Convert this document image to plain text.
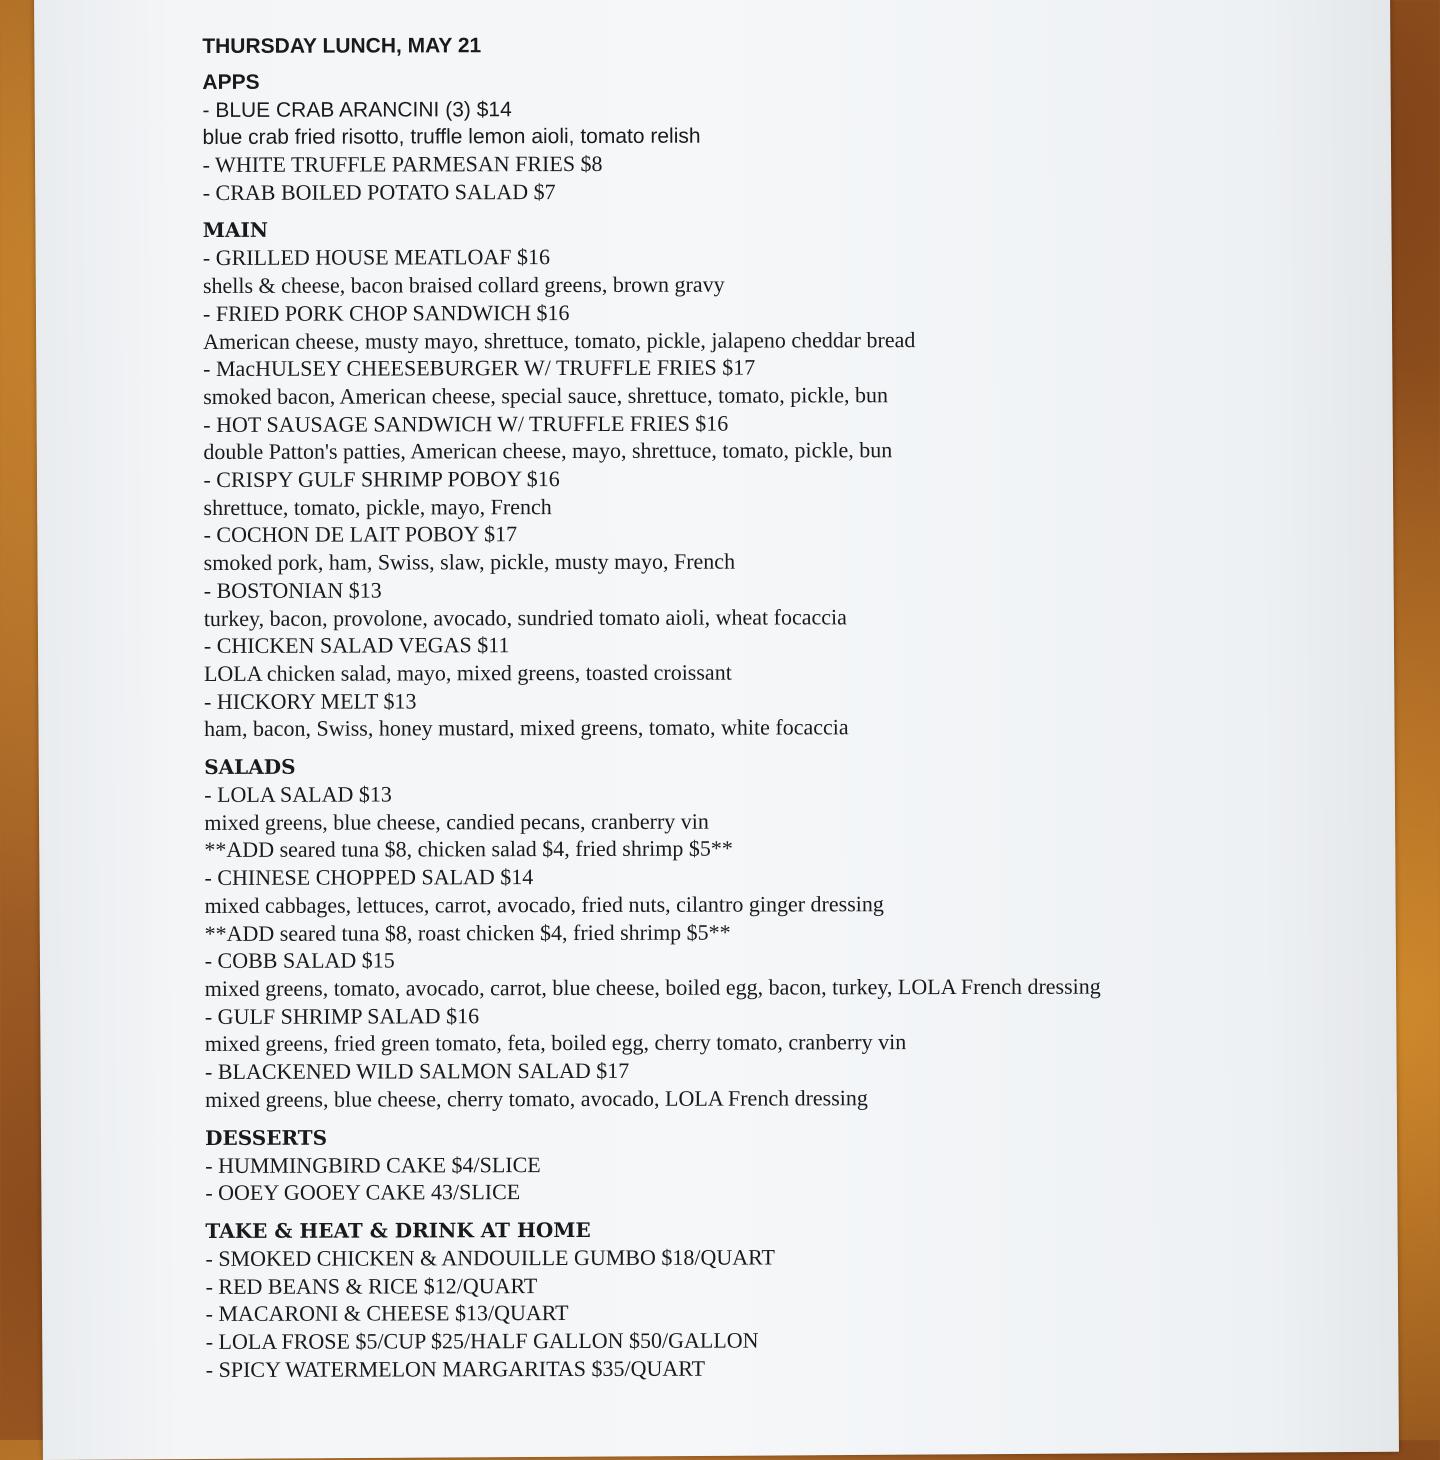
THURSDAY LUNCH, MAY 21

APPS

- BLUE CRAB ARANCINI (3) $14

blue crab fried risotto, truffle lemon aioli, tomato relish

- WHITE TRUFFLE PARMESAN FRIES $8

- CRAB BOILED POTATO SALAD $7

MAIN

- GRILLED HOUSE MEATLOAF $16

shells & cheese, bacon braised collard greens, brown gravy

- FRIED PORK CHOP SANDWICH $16

American cheese, musty mayo, shrettuce, tomato, pickle, jalapeno cheddar bread

- MacHULSEY CHEESEBURGER W/ TRUFFLE FRIES $17

smoked bacon, American cheese, special sauce, shrettuce, tomato, pickle, bun

- HOT SAUSAGE SANDWICH W/ TRUFFLE FRIES $16

double Patton's patties, American cheese, mayo, shrettuce, tomato, pickle, bun

- CRISPY GULF SHRIMP POBOY $16

shrettuce, tomato, pickle, mayo, French

- COCHON DE LAIT POBOY $17

smoked pork, ham, Swiss, slaw, pickle, musty mayo, French

- BOSTONIAN $13

turkey, bacon, provolone, avocado, sundried tomato aioli, wheat focaccia

- CHICKEN SALAD VEGAS $11

LOLA chicken salad, mayo, mixed greens, toasted croissant

- HICKORY MELT $13

ham, bacon, Swiss, honey mustard, mixed greens, tomato, white focaccia

SALADS

- LOLA SALAD $13

mixed greens, blue cheese, candied pecans, cranberry vin

**ADD seared tuna $8, chicken salad $4, fried shrimp $5**

- CHINESE CHOPPED SALAD $14

mixed cabbages, lettuces, carrot, avocado, fried nuts, cilantro ginger dressing

**ADD seared tuna $8, roast chicken $4, fried shrimp $5**

- COBB SALAD $15

mixed greens, tomato, avocado, carrot, blue cheese, boiled egg, bacon, turkey, LOLA French dressing

- GULF SHRIMP SALAD $16

mixed greens, fried green tomato, feta, boiled egg, cherry tomato, cranberry vin

- BLACKENED WILD SALMON SALAD $17

mixed greens, blue cheese, cherry tomato, avocado, LOLA French dressing

DESSERTS

- HUMMINGBIRD CAKE $4/SLICE

- OOEY GOOEY CAKE 43/SLICE

TAKE & HEAT & DRINK AT HOME

- SMOKED CHICKEN & ANDOUILLE GUMBO $18/QUART

- RED BEANS & RICE $12/QUART

- MACARONI & CHEESE $13/QUART

- LOLA FROSE $5/CUP $25/HALF GALLON $50/GALLON

- SPICY WATERMELON MARGARITAS $35/QUART
